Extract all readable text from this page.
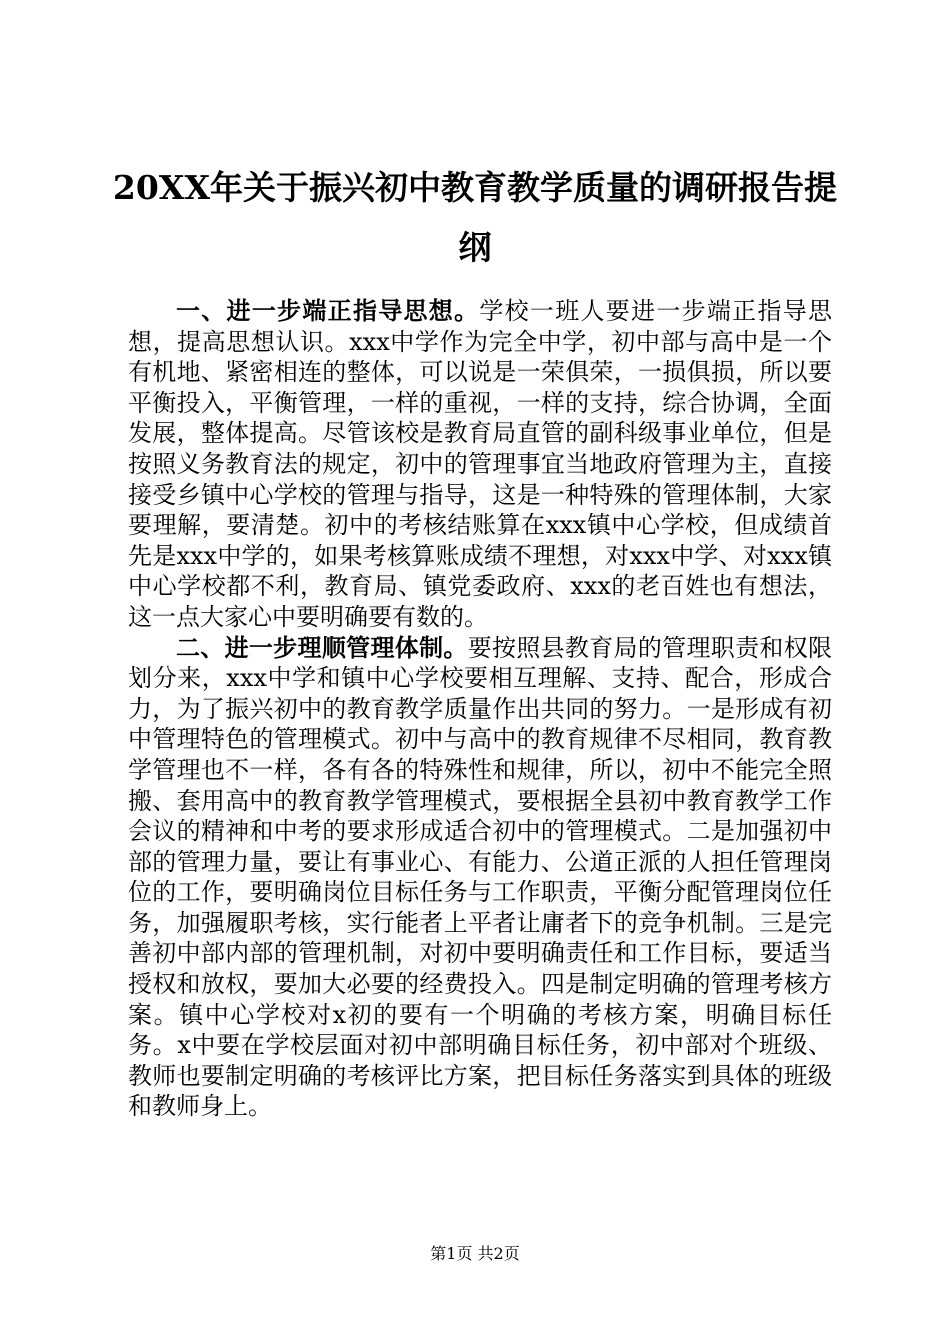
20XX年关于振兴初中教育教学质量的调研报告提纲

一、进一步端正指导思想。学校一班人要进一步端正指导思想，提高思想认识。xxx中学作为完全中学，初中部与高中是一个有机地、紧密相连的整体，可以说是一荣俱荣，一损俱损，所以要平衡投入，平衡管理，一样的重视，一样的支持，综合协调，全面发展，整体提高。尽管该校是教育局直管的副科级事业单位，但是按照义务教育法的规定，初中的管理事宜当地政府管理为主，直接接受乡镇中心学校的管理与指导，这是一种特殊的管理体制，大家要理解，要清楚。初中的考核结账算在xxx镇中心学校，但成绩首先是xxx中学的，如果考核算账成绩不理想，对xxx中学、对xxx镇中心学校都不利，教育局、镇党委政府、xxx的老百姓也有想法，这一点大家心中要明确要有数的。

二、进一步理顺管理体制。要按照县教育局的管理职责和权限划分来，xxx中学和镇中心学校要相互理解、支持、配合，形成合力，为了振兴初中的教育教学质量作出共同的努力。一是形成有初中管理特色的管理模式。初中与高中的教育规律不尽相同，教育教学管理也不一样，各有各的特殊性和规律，所以，初中不能完全照搬、套用高中的教育教学管理模式，要根据全县初中教育教学工作会议的精神和中考的要求形成适合初中的管理模式。二是加强初中部的管理力量，要让有事业心、有能力、公道正派的人担任管理岗位的工作，要明确岗位目标任务与工作职责，平衡分配管理岗位任务，加强履职考核，实行能者上平者让庸者下的竞争机制。三是完善初中部内部的管理机制，对初中要明确责任和工作目标，要适当授权和放权，要加大必要的经费投入。四是制定明确的管理考核方案。镇中心学校对x初的要有一个明确的考核方案，明确目标任务。x中要在学校层面对初中部明确目标任务，初中部对个班级、教师也要制定明确的考核评比方案，把目标任务落实到具体的班级和教师身上。

第1页 共2页
